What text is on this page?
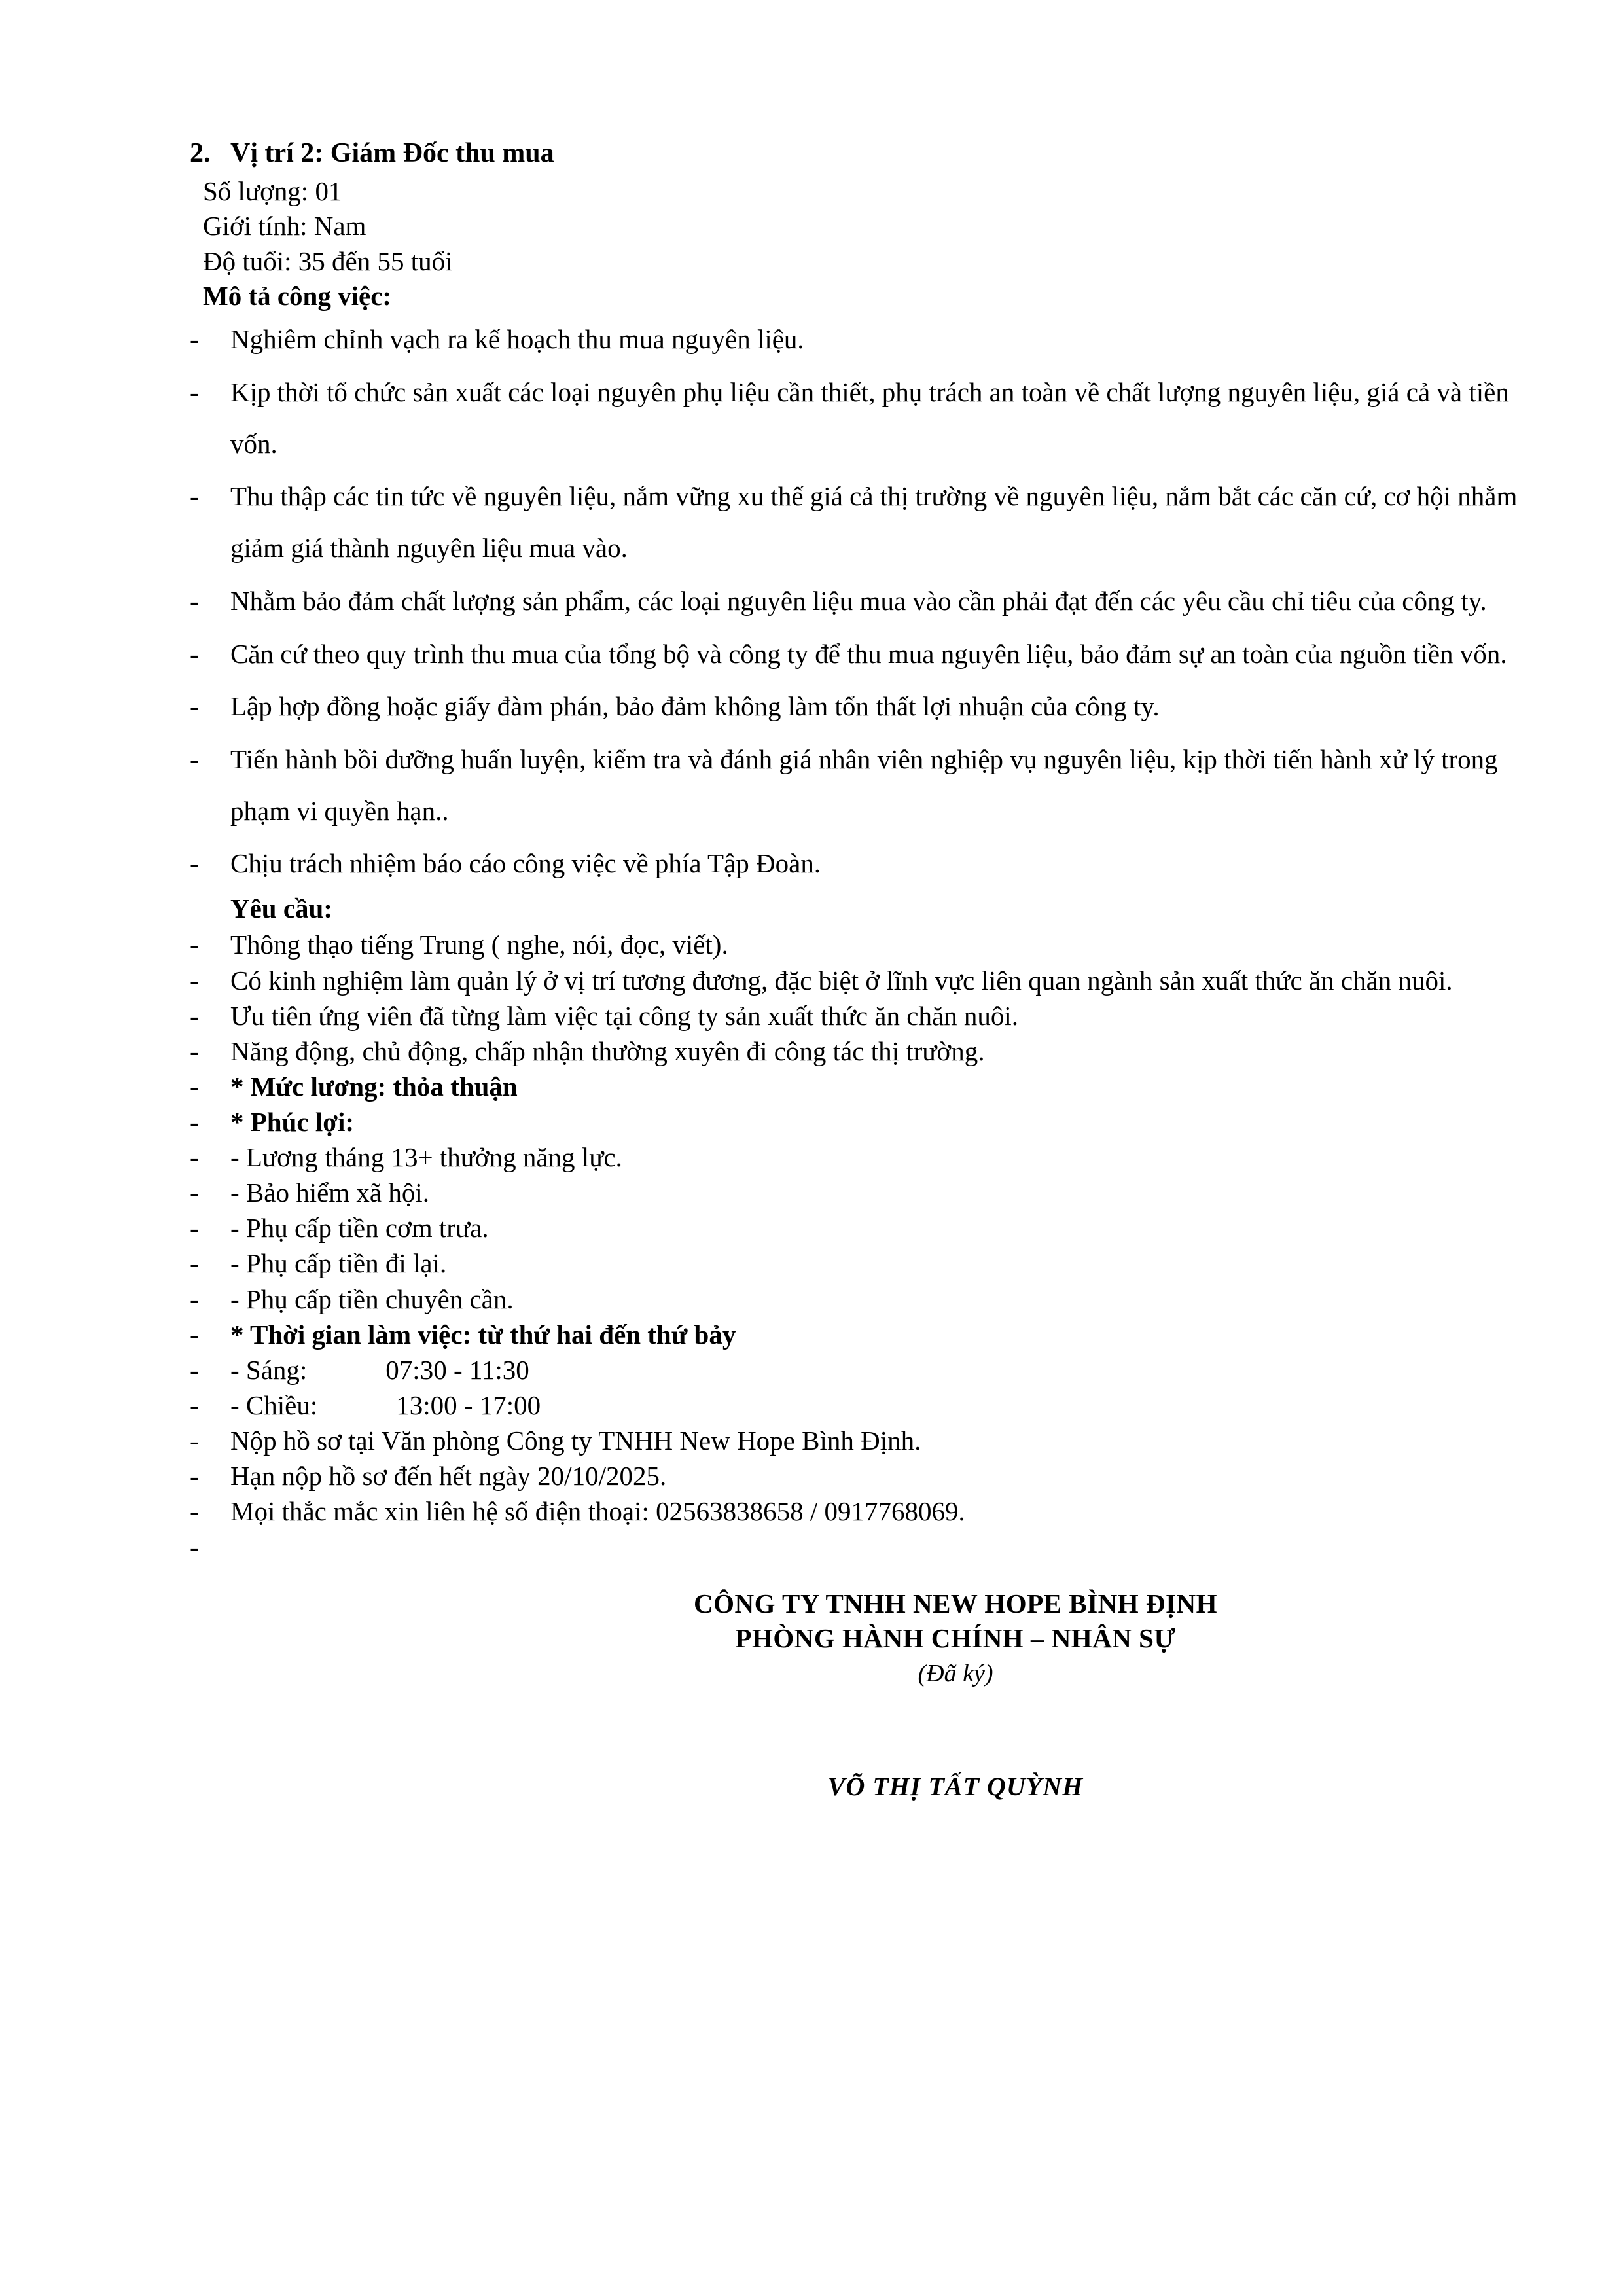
2. Vị trí 2: Giám Đốc thu mua
Số lượng: 01
Giới tính: Nam
Độ tuổi: 35 đến 55 tuổi
Mô tả công việc:
-	Nghiêm chỉnh vạch ra kế hoạch thu mua nguyên liệu.
-	Kịp thời tổ chức sản xuất các loại nguyên phụ liệu cần thiết, phụ trách an toàn về chất lượng nguyên liệu, giá cả và tiền vốn.
-	Thu thập các tin tức về nguyên liệu, nắm vững xu thế giá cả thị trường về nguyên liệu, nắm bắt các căn cứ, cơ hội nhằm giảm giá thành nguyên liệu mua vào.
-	Nhằm bảo đảm chất lượng sản phẩm, các loại nguyên liệu mua vào cần phải đạt đến các yêu cầu chỉ tiêu của công ty.
-	Căn cứ theo quy trình thu mua của tổng bộ và công ty để thu mua nguyên liệu, bảo đảm sự an toàn của nguồn tiền vốn.
-	Lập hợp đồng hoặc giấy đàm phán, bảo đảm không làm tổn thất lợi nhuận của công ty.
-	Tiến hành bồi dưỡng huấn luyện, kiểm tra và đánh giá nhân viên nghiệp vụ nguyên liệu, kịp thời tiến hành xử lý trong phạm vi quyền hạn..
-	Chịu trách nhiệm báo cáo công việc về phía Tập Đoàn.
Yêu cầu:
-	Thông thạo tiếng Trung ( nghe, nói, đọc, viết).
-	Có kinh nghiệm làm quản lý ở vị trí tương đương, đặc biệt ở lĩnh vực liên quan ngành sản xuất thức ăn chăn nuôi.
-	Ưu tiên ứng viên đã từng làm việc tại công ty sản xuất thức ăn chăn nuôi.
-	Năng động, chủ động, chấp nhận thường xuyên đi công tác thị trường.
-	* Mức lương: thỏa thuận
-	* Phúc lợi:
-	- Lương tháng 13+ thưởng năng lực.
-	- Bảo hiểm xã hội.
-	- Phụ cấp tiền cơm trưa.
-	- Phụ cấp tiền đi lại.
-	- Phụ cấp tiền chuyên cần.
-	* Thời gian làm việc: từ thứ hai đến thứ bảy
-	- Sáng:	07:30 - 11:30
-	- Chiều:	13:00 - 17:00
-	Nộp hồ sơ tại Văn phòng Công ty TNHH New Hope Bình Định.
-	Hạn nộp hồ sơ đến hết ngày 20/10/2025.
-	Mọi thắc mắc xin liên hệ số điện thoại: 02563838658 / 0917768069.
-
CÔNG TY TNHH NEW HOPE BÌNH ĐỊNH
PHÒNG HÀNH CHÍNH – NHÂN SỰ
(Đã ký)
VÕ THỊ TẤT QUỲNH
